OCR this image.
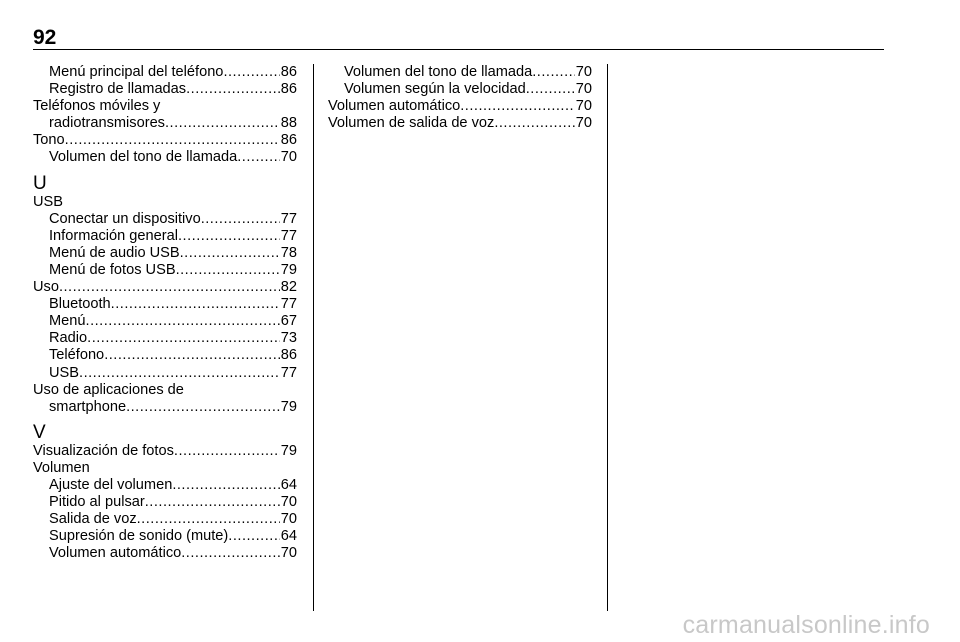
92
Menú principal del teléfono .....	86
Registro de llamadas .....	86
Teléfonos móviles y
radiotransmisores .....	88
Tono .....	86
Volumen del tono de llamada .....	70
U
USB
Conectar un dispositivo .....	77
Información general .....	77
Menú de audio USB .....	78
Menú de fotos USB .....	79
Uso .....	82
Bluetooth .....	77
Menú .....	67
Radio .....	73
Teléfono .....	86
USB .....	77
Uso de aplicaciones de
smartphone .....	79
V
Visualización de fotos .....	79
Volumen
Ajuste del volumen .....	64
Pitido al pulsar .....	70
Salida de voz .....	70
Supresión de sonido (mute) .....	64
Volumen automático .....	70
Volumen del tono de llamada .....	70
Volumen según la velocidad .....	70
Volumen automático .....	70
Volumen de salida de voz .....	70
carmanualsonline.info
